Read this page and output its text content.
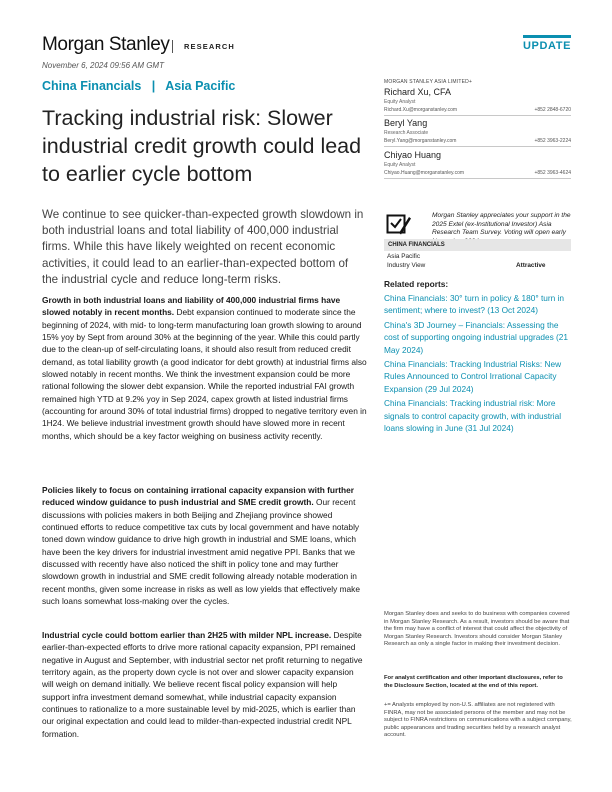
Morgan Stanley RESEARCH	UPDATE
November 6, 2024 09:56 AM GMT
China Financials   |   Asia Pacific
Tracking industrial risk: Slower industrial credit growth could lead to earlier cycle bottom
We continue to see quicker-than-expected growth slowdown in both industrial loans and total liability of 400,000 industrial firms. While this have likely weighted on recent economic activities, it could lead to an earlier-than-expected bottom of the industrial cycle and reduce long-term risks.

Growth in both industrial loans and liability of 400,000 industrial firms have slowed notably in recent months. Debt expansion continued to moderate since the beginning of 2024, with mid- to long-term manufacturing loan growth slowing to around 15% yoy by Sept from around 30% at the beginning of the year. While this could partly due to the clean-up of self-circulating loans, it should also result from reduced credit demand, as total liability growth (a good indicator for debt growth) at industrial firms also slowed notably in recent months. We think the investment expansion could be more rational following the slower debt expansion. While the reported industrial FAI growth remained high YTD at 9.2% yoy in Sep 2024, capex growth at listed industrial firms (accounting for around 30% of total industrial firms) dropped to negative territory even in 1H24. We believe industrial investment growth should have slowed more in recent months, which should be a key factor weighing on business activity recently.

Policies likely to focus on containing irrational capacity expansion with further reduced window guidance to push industrial and SME credit growth. Our recent discussions with policies makers in both Beijing and Zhejiang province showed continued efforts to reduce competitive tax cuts by local government and have notably toned down window guidance to drive high growth in industrial and SME loans, which have been the key drivers for industrial investment amid negative PPI. Banks that we discussed with recently have also noticed the shift in policy tone and may further slowdown growth in industrial and SME credit following already notable moderation in recent months, given some increase in risks as well as low yields that effectively make such loans somewhat loss-making over the cycles.

Industrial cycle could bottom earlier than 2H25 with milder NPL increase. Despite earlier-than-expected efforts to drive more rational capacity expansion, PPI remained negative in August and September, with industrial sector net profit returning to negative territory again, as the property down cycle is not over and slower capacity expansion will weigh on demand initially. We believe recent fiscal policy expansion will help support infra investment demand somewhat, while industrial capacity expansion continues to rationalize to a more sustainable level by mid-2025, which is earlier than our original expectation and could lead to milder-than-expected industrial credit NPL formation.

MORGAN STANLEY ASIA LIMITED+
Richard Xu, CFA
Equity Analyst
Richard.Xu@morganstanley.com	+852 2848-6720
Beryl Yang
Research Associate
Beryl.Yang@morganstanley.com	+852 3963-2224
Chiyao Huang
Equity Analyst
Chiyao.Huang@morganstanley.com	+852 3963-4624
Morgan Stanley appreciates your support in the 2025 Extel (ex-Institutional Investor) Asia Research Team Survey. Voting will open early
CHINA FINANCIALS
Asia Pacific
Industry View	Attractive
Related reports:
China Financials: 30° turn in policy & 180° turn in sentiment; where to invest? (13 Oct 2024)
China's 3D Journey – Financials: Assessing the cost of supporting ongoing industrial upgrades (21 May 2024)
China Financials: Tracking Industrial Risks: New Rules Announced to Control Irrational Capacity Expansion (29 Jul 2024)
China Financials: Tracking industrial risk: More signals to control capacity growth, with industrial loans slowing in June (31 Jul 2024)
Morgan Stanley does and seeks to do business with companies covered in Morgan Stanley Research. As a result, investors should be aware that the firm may have a conflict of interest that could affect the objectivity of Morgan Stanley Research. Investors should consider Morgan Stanley Research as only a single factor in making their investment decision.
For analyst certification and other important disclosures, refer to the Disclosure Section, located at the end of this report.
+= Analysts employed by non-U.S. affiliates are not registered with FINRA, may not be associated persons of the member and may not be subject to FINRA restrictions on communications with a subject company, public appearances and trading securities held by a research analyst account.
